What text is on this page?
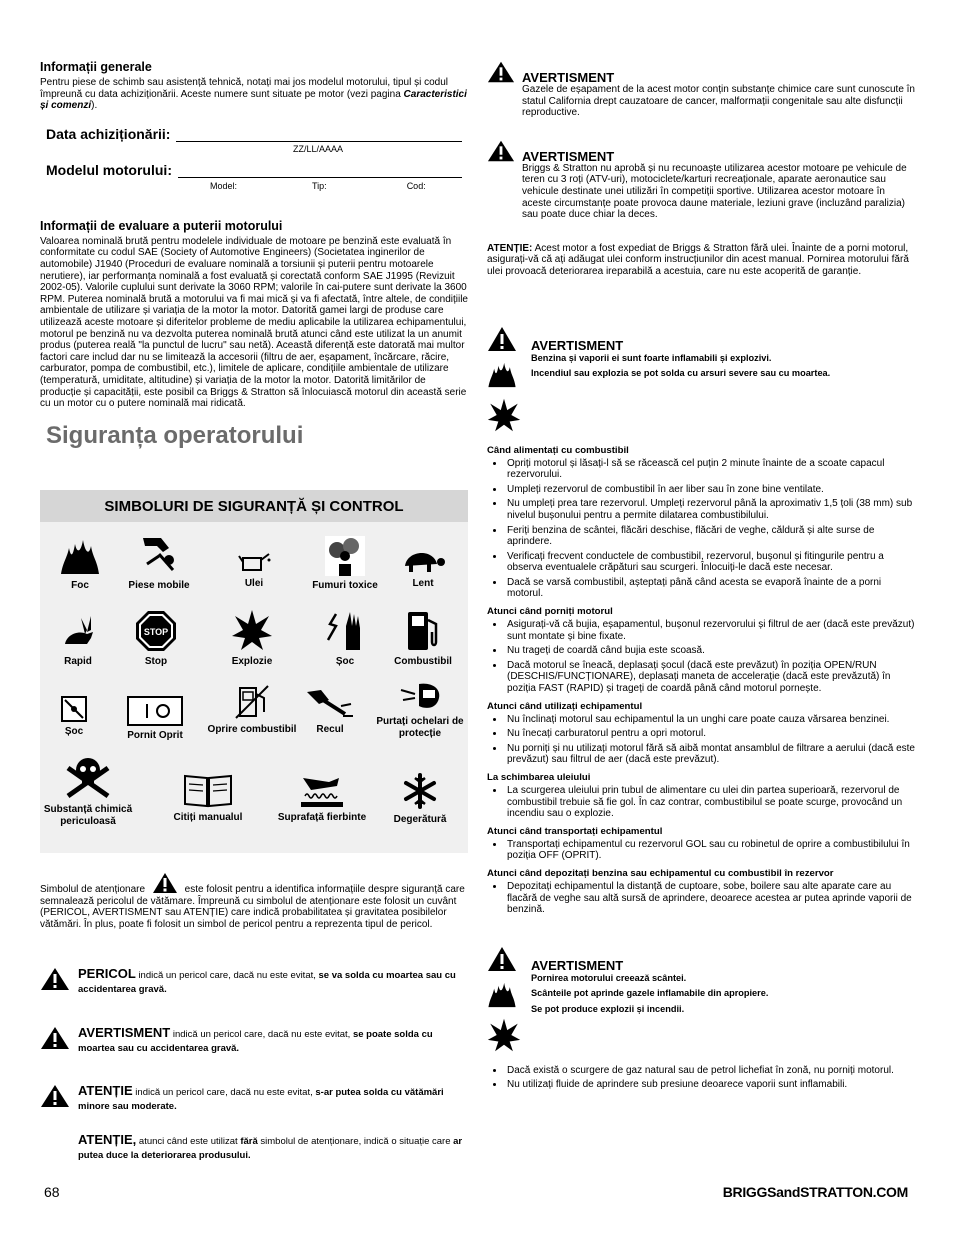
Informații generale

Pentru piese de schimb sau asistență tehnică, notați mai jos modelul motorului, tipul și codul împreună cu data achiziționării. Aceste numere sunt situate pe motor (vezi pagina Caracteristici și comenzi).

Data achiziționării:
ZZ/LL/AAAA
Modelul motorului:
Model:	Tip:	Cod:
Informații de evaluare a puterii motorului

Valoarea nominală brută pentru modelele individuale de motoare pe benzină este evaluată în conformitate cu codul SAE (Society of Automotive Engineers) (Societatea inginerilor de automobile) J1940 (Proceduri de evaluare nominală a torsiunii și puterii pentru motoarele nerutiere), iar performanța nominală a fost evaluată și corectată conform SAE J1995 (Revizuit 2002-05). Valorile cuplului sunt derivate la 3060 RPM; valorile în cai-putere sunt derivate la 3600 RPM. Puterea nominală brută a motorului va fi mai mică și va fi afectată, între altele, de condițiile ambientale de utilizare și variația de la motor la motor. Datorită gamei largi de produse care utilizează aceste motoare și diferitelor probleme de mediu aplicabile la utilizarea echipamentului, motorul pe benzină nu va dezvolta puterea nominală brută atunci când este utilizat la un anumit produs (puterea reală "la punctul de lucru" sau netă). Această diferență este datorată mai multor factori care includ dar nu se limitează la accesorii (filtru de aer, eșapament, încărcare, răcire, carburator, pompa de combustibil, etc.), limitele de aplicare, condițiile ambientale de utilizare (temperatură, umiditate, altitudine) și variația de la motor la motor. Datorită limitărilor de producție și capacității, este posibil ca Briggs & Stratton să înlocuiască motorul din această serie cu un motor cu o putere nominală mai ridicată.

Siguranța operatorului
SIMBOLURI DE SIGURANȚĂ ȘI CONTROL
Foc	Piese mobile	Ulei	Fumuri toxice	Lent
Rapid
STOP
Stop	Explozie	Șoc	Combustibil
Șoc	Pornit Oprit
Oprire combustibil	Recul
Purtați ochelari de protecție
Substanță chimică periculoasă	Citiți manualul	Suprafață fierbinte	Degerătură

Simbolul de atenționare	este folosit pentru a identifica informațiile despre siguranță care semnalează pericolul de vătămare. Împreună cu simbolul de atenționare este folosit un cuvânt (PERICOL, AVERTISMENT sau ATENȚIE) care indică probabilitatea și gravitatea posibilelor vătămări. În plus, poate fi folosit un simbol de pericol pentru a reprezenta tipul de pericol.

PERICOL indică un pericol care, dacă nu este evitat, se va solda cu moartea sau cu accidentarea gravă.
AVERTISMENT indică un pericol care, dacă nu este evitat, se poate solda cu moartea sau cu accidentarea gravă.
ATENȚIE indică un pericol care, dacă nu este evitat, s-ar putea solda cu vătămări minore sau moderate.
ATENȚIE, atunci când este utilizat fără simbolul de atenționare, indică o situație care ar putea duce la deteriorarea produsului.
AVERTISMENT
Gazele de eșapament de la acest motor conțin substanțe chimice care sunt cunoscute în statul California drept cauzatoare de cancer, malformații congenitale sau alte disfuncții reproductive.
AVERTISMENT
Briggs & Stratton nu aprobă și nu recunoaște utilizarea acestor motoare pe vehicule de teren cu 3 roți (ATV-uri), motociclete/karturi recreaționale, aparate aeronautice sau vehicule destinate unei utilizări în competiții sportive. Utilizarea acestor motoare în aceste circumstanțe poate provoca daune materiale, leziuni grave (incluzând paralizia) sau poate duce chiar la deces.

ATENȚIE: Acest motor a fost expediat de Briggs & Stratton fără ulei. Înainte de a porni motorul, asigurați-vă că ați adăugat ulei conform instrucțiunilor din acest manual. Pornirea motorului fără ulei provoacă deteriorarea ireparabilă a acestuia, care nu este acoperită de garanție.

AVERTISMENT
Benzina și vaporii ei sunt foarte inflamabili și explozivi.
Incendiul sau explozia se pot solda cu arsuri severe sau cu moartea.
Când alimentați cu combustibil
• Opriți motorul și lăsați-l să se răcească cel puțin 2 minute înainte de a scoate capacul rezervorului.
• Umpleți rezervorul de combustibil în aer liber sau în zone bine ventilate.
• Nu umpleți prea tare rezervorul. Umpleți rezervorul până la aproximativ 1,5 țoli (38 mm) sub nivelul bușonului pentru a permite dilatarea combustibilului.
• Feriți benzina de scântei, flăcări deschise, flăcări de veghe, căldură și alte surse de aprindere.
• Verificați frecvent conductele de combustibil, rezervorul, bușonul și fitingurile pentru a observa eventualele crăpături sau scurgeri. Înlocuiți-le dacă este necesar.
• Dacă se varsă combustibil, așteptați până când acesta se evaporă înainte de a porni motorul.
Atunci când porniți motorul
• Asigurați-vă că bujia, eșapamentul, bușonul rezervorului și filtrul de aer (dacă este prevăzut) sunt montate și bine fixate.
• Nu trageți de coardă când bujia este scoasă.
• Dacă motorul se îneacă, deplasați șocul (dacă este prevăzut) în poziția OPEN/RUN (DESCHIS/FUNCȚIONARE), deplasați maneta de accelerație (dacă este prevăzută) în poziția FAST (RAPID) și trageți de coardă până când motorul pornește.
Atunci când utilizați echipamentul
• Nu înclinați motorul sau echipamentul la un unghi care poate cauza vărsarea benzinei.
• Nu înecați carburatorul pentru a opri motorul.
• Nu porniți și nu utilizați motorul fără să aibă montat ansamblul de filtrare a aerului (dacă este prevăzut) sau filtrul de aer (dacă este prevăzut).
La schimbarea uleiului
• La scurgerea uleiului prin tubul de alimentare cu ulei din partea superioară, rezervorul de combustibil trebuie să fie gol. În caz contrar, combustibilul se poate scurge, provocând un incendiu sau o explozie.
Atunci când transportați echipamentul
• Transportați echipamentul cu rezervorul GOL sau cu robinetul de oprire a combustibilului în poziția OFF (OPRIT).
Atunci când depozitați benzina sau echipamentul cu combustibil în rezervor
• Depozitați echipamentul la distanță de cuptoare, sobe, boilere sau alte aparate care au flacără de veghe sau altă sursă de aprindere, deoarece acestea ar putea aprinde vaporii de benzină.

AVERTISMENT
Pornirea motorului creează scântei.
Scânteile pot aprinde gazele inflamabile din apropiere.
Se pot produce explozii și incendii.
• Dacă există o scurgere de gaz natural sau de petrol lichefiat în zonă, nu porniți motorul.
• Nu utilizați fluide de aprindere sub presiune deoarece vaporii sunt inflamabili.
68	BRIGGSandSTRATTON.COM
